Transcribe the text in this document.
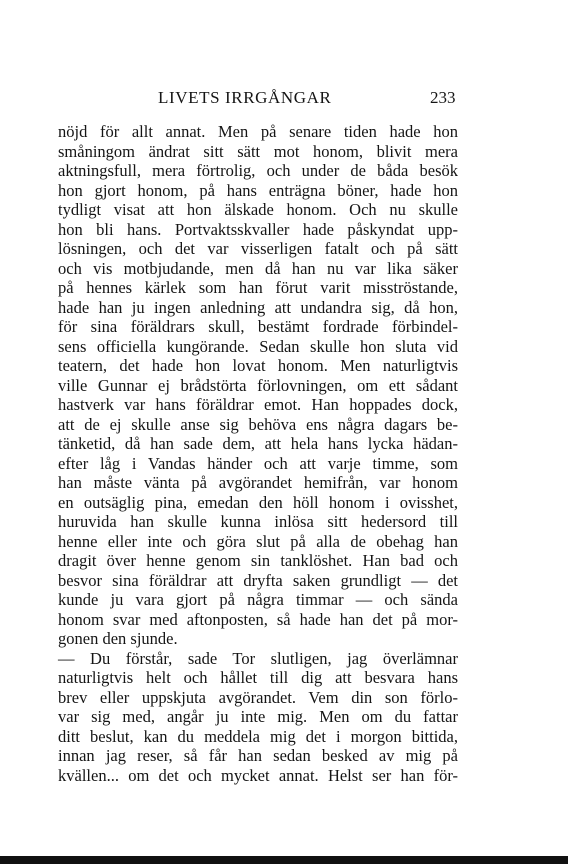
LIVETS IRRGÅNGAR	233
nöjd för allt annat. Men på senare tiden hade hon
småningom ändrat sitt sätt mot honom, blivit mera
aktningsfull, mera förtrolig, och under de båda besök
hon gjort honom, på hans enträgna böner, hade hon
tydligt visat att hon älskade honom. Och nu skulle
hon bli hans. Portvaktsskvaller hade påskyndat upp-
lösningen, och det var visserligen fatalt och på sätt
och vis motbjudande, men då han nu var lika säker
på hennes kärlek som han förut varit misströstande,
hade han ju ingen anledning att undandra sig, då hon,
för sina föräldrars skull, bestämt fordrade förbindel-
sens officiella kungörande. Sedan skulle hon sluta vid
teatern, det hade hon lovat honom. Men naturligtvis
ville Gunnar ej brådstörta förlovningen, om ett sådant
hastverk var hans föräldrar emot. Han hoppades dock,
att de ej skulle anse sig behöva ens några dagars be-
tänketid, då han sade dem, att hela hans lycka hädan-
efter låg i Vandas händer och att varje timme, som
han måste vänta på avgörandet hemifrån, var honom
en outsäglig pina, emedan den höll honom i ovisshet,
huruvida han skulle kunna inlösa sitt hedersord till
henne eller inte och göra slut på alla de obehag han
dragit över henne genom sin tanklöshet. Han bad och
besvor sina föräldrar att dryfta saken grundligt — det
kunde ju vara gjort på några timmar — och sända
honom svar med aftonposten, så hade han det på mor-
gonen den sjunde.
— Du förstår, sade Tor slutligen, jag överlämnar
naturligtvis helt och hållet till dig att besvara hans
brev eller uppskjuta avgörandet. Vem din son förlo-
var sig med, angår ju inte mig. Men om du fattar
ditt beslut, kan du meddela mig det i morgon bittida,
innan jag reser, så får han sedan besked av mig på
kvällen... om det och mycket annat. Helst ser han för-
